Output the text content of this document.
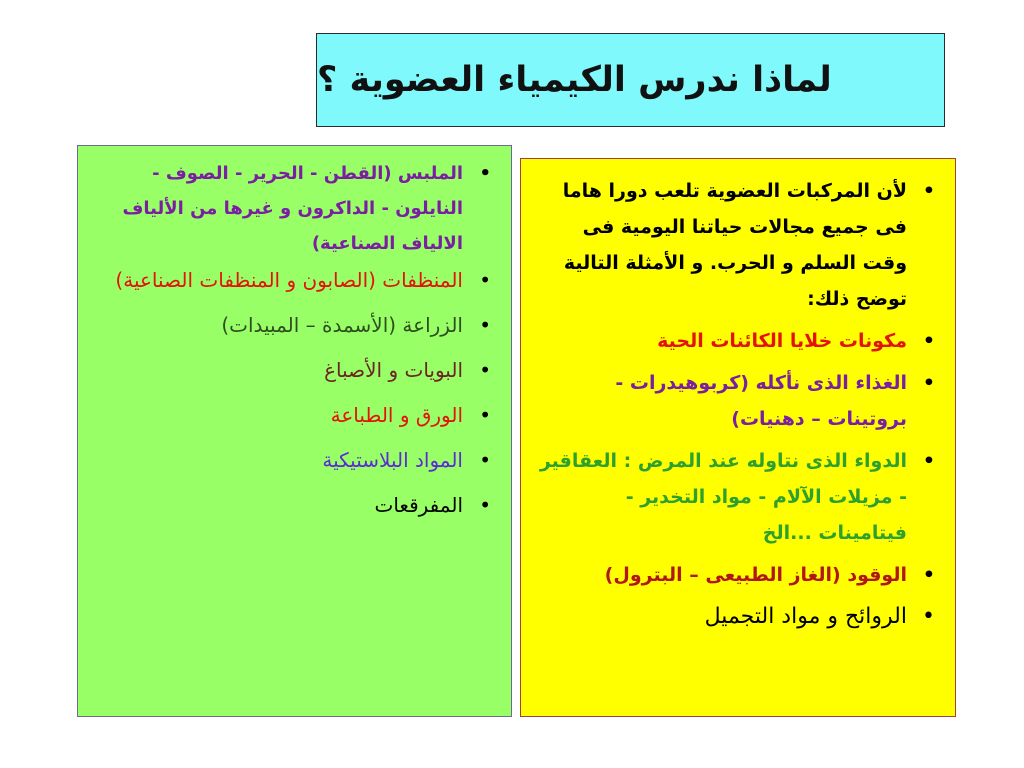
لماذا ندرس الكيمياء العضوية ؟
• الملبس (القطن - الحرير - الصوف - النايلون - الداكرون و غيرها من الألياف الالياف الصناعية)
• المنظفات (الصابون و المنظفات الصناعية)
• الزراعة (الأسمدة – المبيدات)
• البويات و الأصباغ
• الورق و الطباعة
• المواد البلاستيكية
• المفرقعات
• لأن المركبات العضوية تلعب دورا هاما فى جميع مجالات حياتنا اليومية فى وقت السلم و الحرب. و الأمثلة التالية توضح ذلك:
• مكونات خلايا الكائنات الحية
• الغذاء الذى نأكله (كربوهيدرات - بروتينات – دهنيات)
• الدواء الذى نتاوله عند المرض : العقاقير - مزيلات الآلام - مواد التخدير - فيتامينات ...الخ
• الوقود (الغاز الطبيعى – البترول)
• الروائح و مواد التجميل
